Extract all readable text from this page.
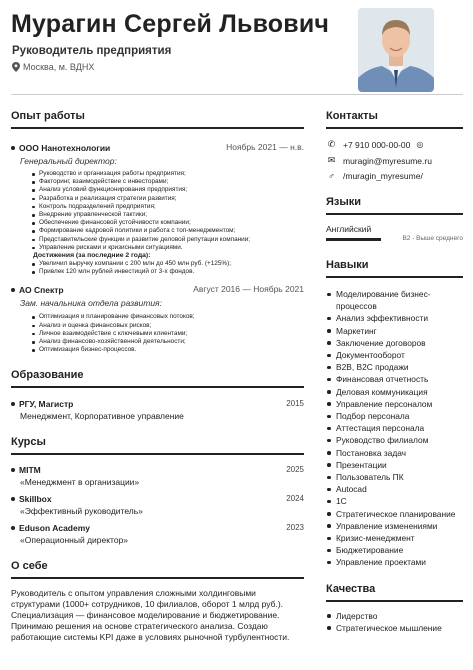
Мурагин Сергей Львович
Руководитель предприятия
Москва, м. ВДНХ
Опыт работы
ООО Нанотехнологии	Ноябрь 2021 — н.в.
Генеральный директор:
Руководство и организация работы предприятия;
Факторинг, взаимодействие с инвесторами;
Анализ условий функционирования предприятия;
Разработка и реализация стратегии развития;
Контроль подразделений предприятия;
Внедрение управленческой тактики;
Обеспечение финансовой устойчивости компании;
Формирование кадровой политики и работа с топ-менеджментом;
Представительские функции и развитие деловой репутации компании;
Управление рисками и кризисными ситуациями.
Достижения (за последние 2 года):
Увеличил выручку компании с 200 млн до 450 млн руб. (+125%);
Привлек 120 млн рублей инвестиций от 3-х фондов.
АО Спектр	Август 2016 — Ноябрь 2021
Зам. начальника отдела развития:
Оптимизация и планирование финансовых потоков;
Анализ и оценка финансовых рисков;
Личное взаимодействие с ключевыми клиентами;
Анализ финансово-хозяйственной деятельности;
Оптимизация бизнес-процессов.
Образование
РГУ, Магистр	2015
Менеджмент, Корпоративное управление
Курсы
MITM	2025
«Менеджмент в организации»
Skillbox	2024
«Эффективный руководитель»
Eduson Academy	2023
«Операционный директор»
О себе
Руководитель с опытом управления сложными холдинговыми структурами (1000+ сотрудников, 10 филиалов, оборот 1 млрд руб.). Специализация — финансовое моделирование и бюджетирование. Принимаю решения на основе стратегического анализа. Создаю работающие системы KPI даже в условиях рыночной турбулентности.
Контакты
✆ +7 910 000-00-00 ◎
✉ muragin@myresume.ru
♂ /muragin_myresume/
Языки
Английский
B2 - Выше среднего
Навыки
Моделирование бизнес-процессов
Анализ эффективности
Маркетинг
Заключение договоров
Документооборот
B2B, B2C продажи
Финансовая отчетность
Деловая коммуникация
Управление персоналом
Подбор персонала
Аттестация персонала
Руководство филиалом
Постановка задач
Презентации
Пользователь ПК
Autocad
1С
Стратегическое планирование
Управление изменениями
Кризис-менеджмент
Бюджетирование
Управление проектами
Качества
Лидерство
Стратегическое мышление
